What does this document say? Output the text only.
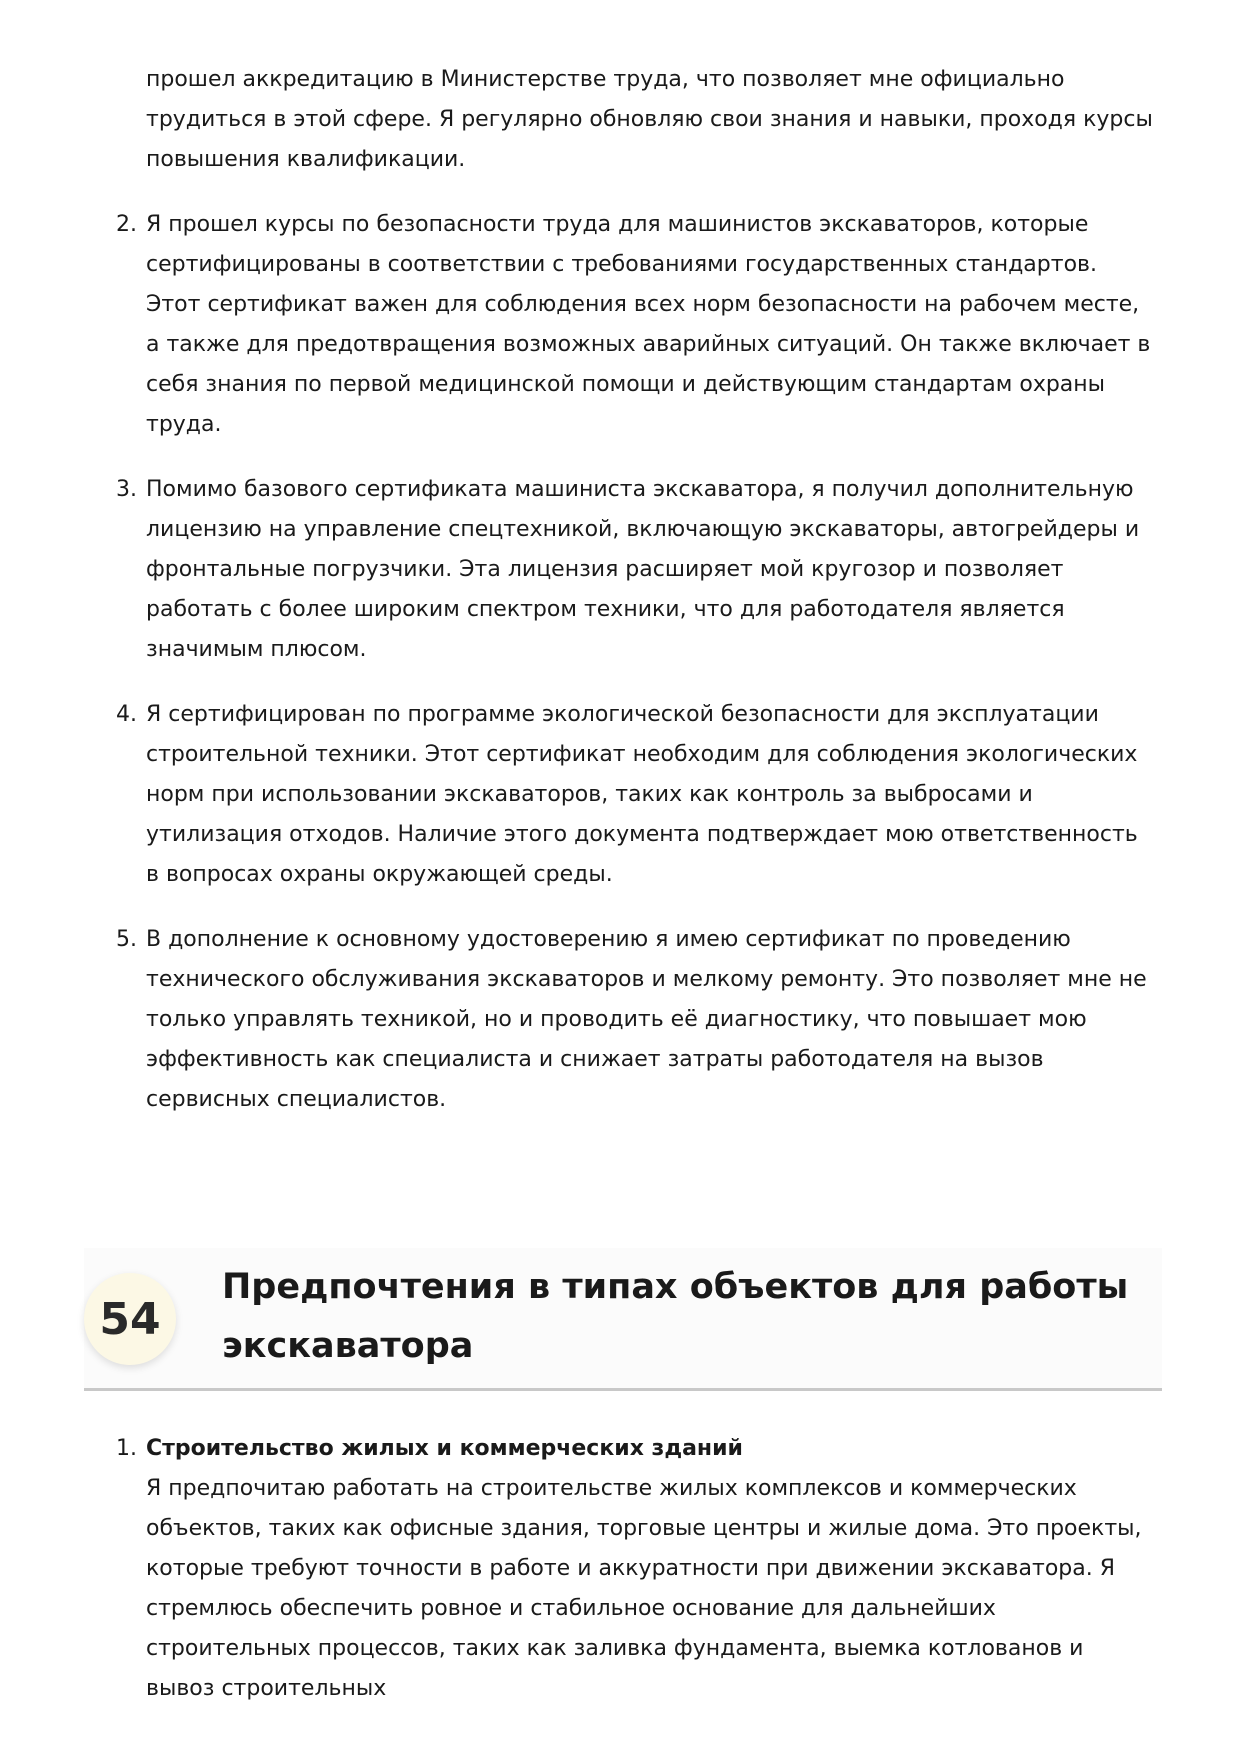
прошел аккредитацию в Министерстве труда, что позволяет мне официально трудиться в этой сфере. Я регулярно обновляю свои знания и навыки, проходя курсы повышения квалификации.

2. Я прошел курсы по безопасности труда для машинистов экскаваторов, которые сертифицированы в соответствии с требованиями государственных стандартов. Этот сертификат важен для соблюдения всех норм безопасности на рабочем месте, а также для предотвращения возможных аварийных ситуаций. Он также включает в себя знания по первой медицинской помощи и действующим стандартам охраны труда.
3. Помимо базового сертификата машиниста экскаватора, я получил дополнительную лицензию на управление спецтехникой, включающую экскаваторы, автогрейдеры и фронтальные погрузчики. Эта лицензия расширяет мой кругозор и позволяет работать с более широким спектром техники, что для работодателя является значимым плюсом.
4. Я сертифицирован по программе экологической безопасности для эксплуатации строительной техники. Этот сертификат необходим для соблюдения экологических норм при использовании экскаваторов, таких как контроль за выбросами и утилизация отходов. Наличие этого документа подтверждает мою ответственность в вопросах охраны окружающей среды.
5. В дополнение к основному удостоверению я имею сертификат по проведению технического обслуживания экскаваторов и мелкому ремонту. Это позволяет мне не только управлять техникой, но и проводить её диагностику, что повышает мою эффективность как специалиста и снижает затраты работодателя на вызов сервисных специалистов.
54
Предпочтения в типах объектов для работы экскаватора
1. Строительство жилых и коммерческих зданий
Я предпочитаю работать на строительстве жилых комплексов и коммерческих объектов, таких как офисные здания, торговые центры и жилые дома. Это проекты, которые требуют точности в работе и аккуратности при движении экскаватора. Я стремлюсь обеспечить ровное и стабильное основание для дальнейших строительных процессов, таких как заливка фундамента, выемка котлованов и вывоз строительных
